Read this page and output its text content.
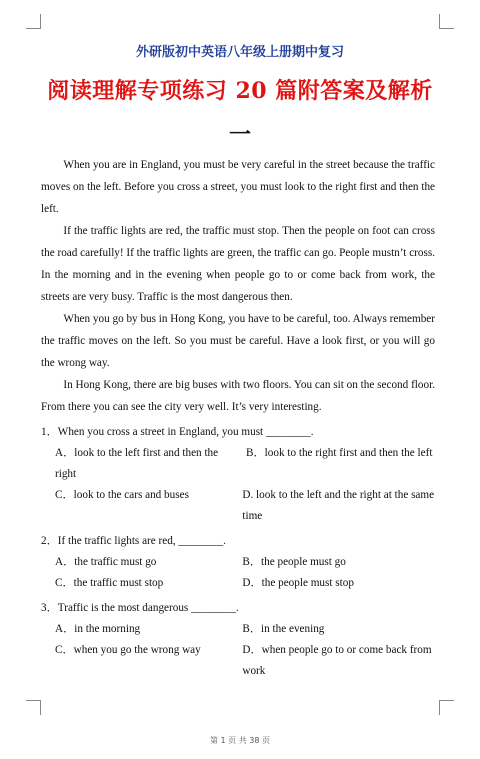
外研版初中英语八年级上册期中复习
阅读理解专项练习 20 篇附答案及解析
一

When you are in England, you must be very careful in the street because the traffic moves on the left. Before you cross a street, you must look to the right first and then the left.

If the traffic lights are red, the traffic must stop. Then the people on foot can cross the road carefully! If the traffic lights are green, the traffic can go. People mustn’t cross. In the morning and in the evening when people go to or come back from work, the streets are very busy. Traffic is the most dangerous then.

When you go by bus in Hong Kong, you have to be careful, too. Always remember the traffic moves on the left. So you must be careful. Have a look first, or you will go the wrong way.

In Hong Kong, there are big buses with two floors. You can sit on the second floor. From there you can see the city very well. It’s very interesting.

1．When you cross a street in England, you must ________.

A．look to the left first and then the right
B．look to the right first and then the left
C．look to the cars and buses	D. look to the left and the right at the same time

2．If the traffic lights are red, ________.

A．the traffic must go	B．the people must go
C．the traffic must stop	D．the people must stop

3．Traffic is the most dangerous ________.

A．in the morning	B．in the evening
C．when you go the wrong way	D．when people go to or come back from work
第 1 页 共 38 页
